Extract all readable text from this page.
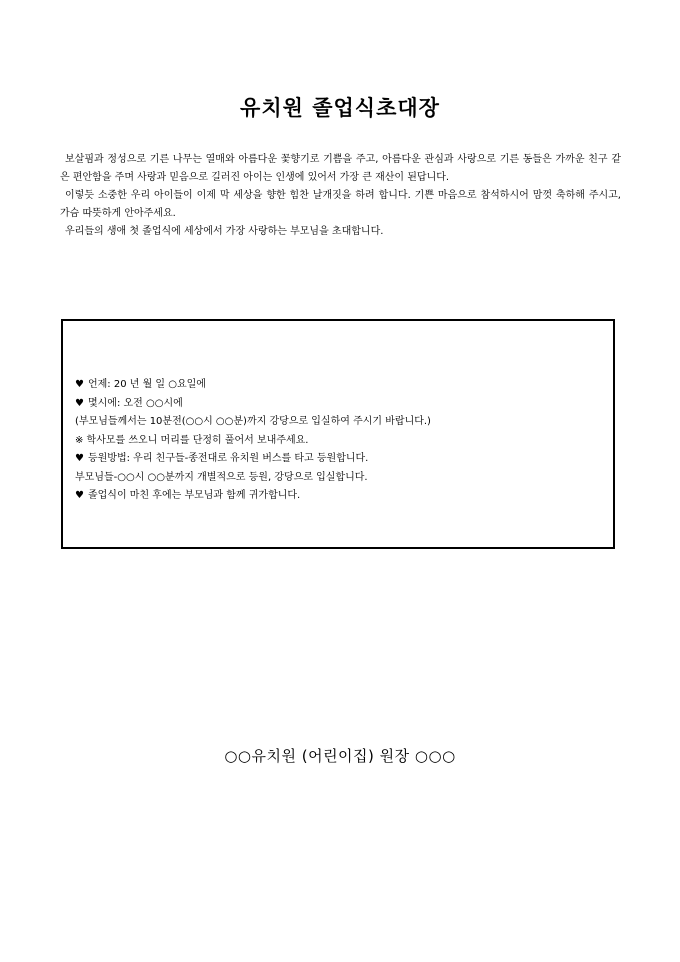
유치원 졸업식초대장

보살핌과 정성으로 기른 나무는 열매와 아름다운 꽃향기로 기쁨을 주고, 아름다운 관심과 사랑으로 기른 동들은 가까운 친구 같은 편안함을 주며 사랑과 믿음으로 길러진 아이는 인생에 있어서 가장 큰 재산이 된답니다.

이렇듯 소중한 우리 아이들이 이제 막 세상을 향한 힘찬 날개짓을 하려 합니다. 기쁜 마음으로 참석하시어 맘껏 축하해 주시고, 가슴 따뜻하게 안아주세요.

우리들의 생애 첫 졸업식에 세상에서 가장 사랑하는 부모님을 초대합니다.

♥ 언제: 20 년 월 일 ○요일에
♥ 몇시에: 오전 ○○시에
(부모님들께서는 10분전(○○시 ○○분)까지 강당으로 입실하여 주시기 바랍니다.)
※ 학사모를 쓰오니 머리를 단정히 풀어서 보내주세요.
♥ 등원방법: 우리 친구들-종전대로 유치원 버스를 타고 등원합니다.
부모님들-○○시 ○○분까지 개별적으로 등원, 강당으로 입실합니다.
♥ 졸업식이 마친 후에는 부모님과 함께 귀가합니다.
○○유치원 (어린이집) 원장 ○○○
